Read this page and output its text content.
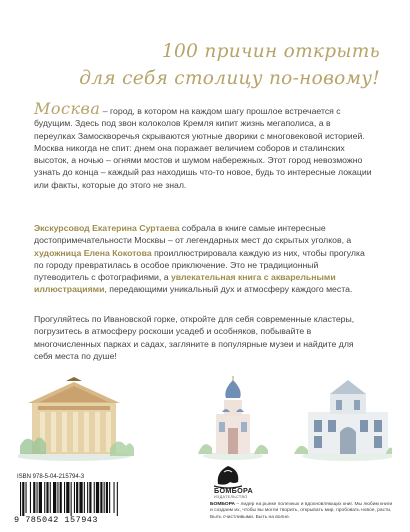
100 причин открыть
для себя столицу по-новому!
Москва – город, в котором на каждом шагу прошлое встречается с будущим. Здесь под звон колоколов Кремля кипит жизнь мегаполиса, а в переулках Замоскворечья скрываются уютные дворики с многовековой историей. Москва никогда не спит: днем она поражает величием соборов и сталинских высоток, а ночью – огнями мостов и шумом набережных. Этот город невозможно узнать до конца – каждый раз находишь что-то новое, будь то интересные локации или факты, которые до этого не знал.
Экскурсовод Екатерина Суртаева собрала в книге самые интересные достопримечательности Москвы – от легендарных мест до скрытых уголков, а художница Елена Кокотова проиллюстрировала каждую из них, чтобы прогулка по городу превратилась в особое приключение. Это не традиционный путеводитель с фотографиями, а увлекательная книга с акварельными иллюстрациями, передающими уникальный дух и атмосферу каждого места.
Прогуляйтесь по Ивановской горке, откройте для себя современные кластеры, погрузитесь в атмосферу роскоши усадеб и особняков, побывайте в многочисленных парках и садах, загляните в популярные музеи и найдите для себя места по душе!
ISBN 978-5-04-215794-3
9 785042 157943
БОМБОРА
ИЗДАТЕЛЬСТВО
БОМБОРА – лидер на рынке полезных и вдохновляющих книг. Мы любим книги и создаем их, чтобы вы могли творить, открывать мир, пробовать новое, расти. Быть счастливыми. Быть на волне.
